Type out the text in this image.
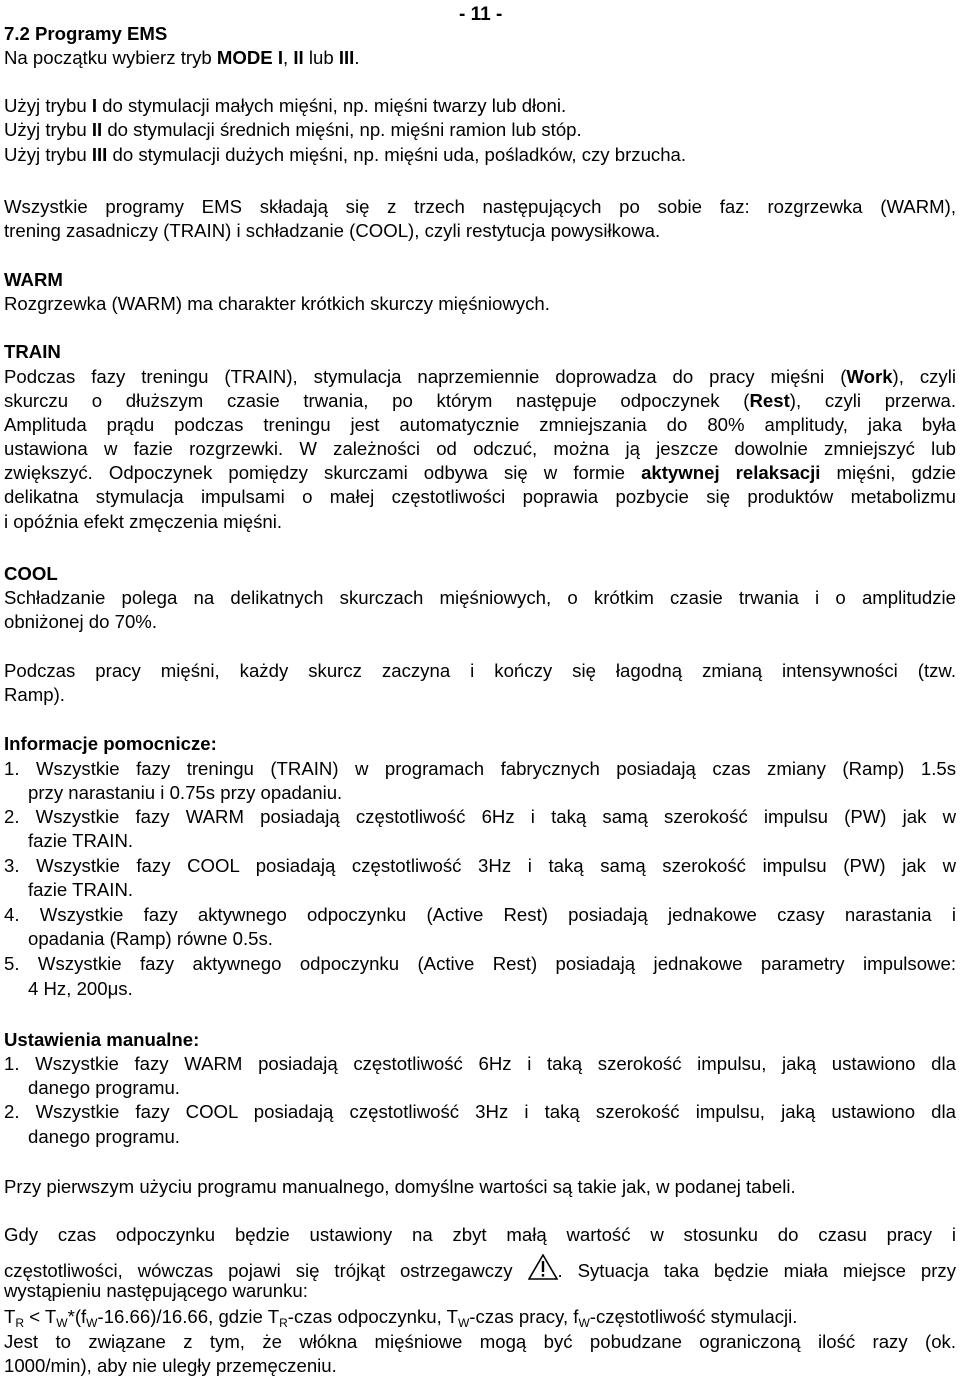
- 11 -
7.2 Programy EMS
Na początku wybierz tryb MODE I, II lub III.
Użyj trybu I do stymulacji małych mięśni, np. mięśni twarzy lub dłoni.
Użyj trybu II do stymulacji średnich mięśni, np. mięśni ramion lub stóp.
Użyj trybu III do stymulacji dużych mięśni, np. mięśni uda, pośladków, czy brzucha.
Wszystkie programy EMS składają się z trzech następujących po sobie faz: rozgrzewka (WARM),
trening zasadniczy (TRAIN) i schładzanie (COOL), czyli restytucja powysiłkowa.
WARM
Rozgrzewka (WARM) ma charakter krótkich skurczy mięśniowych.
TRAIN
Podczas fazy treningu (TRAIN), stymulacja naprzemiennie doprowadza do pracy mięśni (Work), czyli
skurczu o dłuższym czasie trwania, po którym następuje odpoczynek (Rest), czyli przerwa.
Amplituda prądu podczas treningu jest automatycznie zmniejszania do 80% amplitudy, jaka była
ustawiona w fazie rozgrzewki. W zależności od odczuć, można ją jeszcze dowolnie zmniejszyć lub
zwiększyć. Odpoczynek pomiędzy skurczami odbywa się w formie aktywnej relaksacji mięśni, gdzie
delikatna stymulacja impulsami o małej częstotliwości poprawia pozbycie się produktów metabolizmu
i opóźnia efekt zmęczenia mięśni.
COOL
Schładzanie polega na delikatnych skurczach mięśniowych, o krótkim czasie trwania i o amplitudzie
obniżonej do 70%.
Podczas pracy mięśni, każdy skurcz zaczyna i kończy się łagodną zmianą intensywności (tzw.
Ramp).
Informacje pomocnicze:
1. Wszystkie fazy treningu (TRAIN) w programach fabrycznych posiadają czas zmiany (Ramp) 1.5s
przy narastaniu i 0.75s przy opadaniu.
2. Wszystkie fazy WARM posiadają częstotliwość 6Hz i taką samą szerokość impulsu (PW) jak w
fazie TRAIN.
3. Wszystkie fazy COOL posiadają częstotliwość 3Hz i taką samą szerokość impulsu (PW) jak w
fazie TRAIN.
4. Wszystkie fazy aktywnego odpoczynku (Active Rest) posiadają jednakowe czasy narastania i
opadania (Ramp) równe 0.5s.
5. Wszystkie fazy aktywnego odpoczynku (Active Rest) posiadają jednakowe parametry impulsowe:
4 Hz, 200μs.
Ustawienia manualne:
1. Wszystkie fazy WARM posiadają częstotliwość 6Hz i taką szerokość impulsu, jaką ustawiono dla
danego programu.
2. Wszystkie fazy COOL posiadają częstotliwość 3Hz i taką szerokość impulsu, jaką ustawiono dla
danego programu.
Przy pierwszym użyciu programu manualnego, domyślne wartości są takie jak, w podanej tabeli.
Gdy czas odpoczynku będzie ustawiony na zbyt małą wartość w stosunku do czasu pracy i
częstotliwości, wówczas pojawi się trójkąt ostrzegawczy . Sytuacja taka będzie miała miejsce przy
wystąpieniu następującego warunku:
$T_R < T_W*(f_W-16.66)/16.66$, gdzie $T_R$-czas odpoczynku, $T_W$-czas pracy, $f_W$-częstotliwość stymulacji.
Jest to związane z tym, że włókna mięśniowe mogą być pobudzane ograniczoną ilość razy (ok.
1000/min), aby nie uległy przemęczeniu.
